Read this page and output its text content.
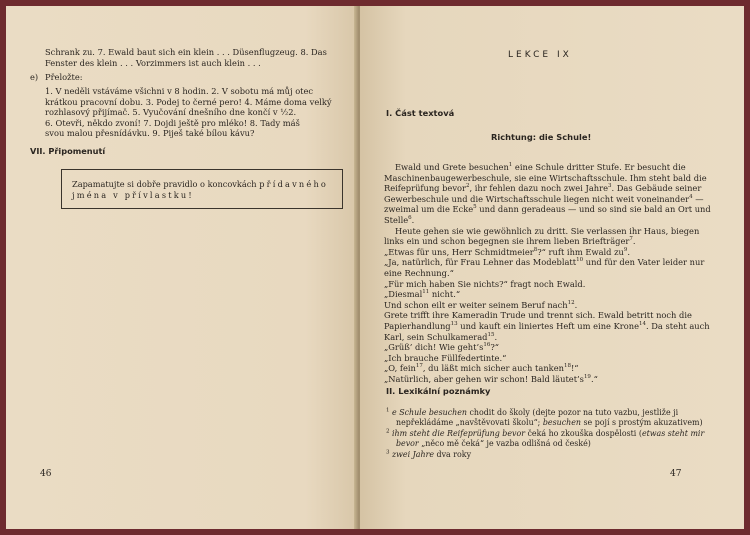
Schrank zu. 7. Ewald baut sich ein klein . . . Düsenflugzeug. 8. Das
Fenster des klein . . . Vorzimmers ist auch klein . . .
e) Přeložte:
1. V neděli vstáváme všichni v 8 hodin. 2. V sobotu má můj otec
krátkou pracovní dobu. 3. Podej to černé pero! 4. Máme doma velký
rozhlasový přijímač. 5. Vyučování dnešního dne končí v ½2.
6. Otevři, někdo zvoní! 7. Dojdi ještě pro mléko! 8. Tady máš
svou malou přesnídávku. 9. Piješ také bílou kávu?
VII. Připomenutí
Zapamatujte si dobře pravidlo o koncovkách přídavného
jména v přívlastku!
46
LEKCE IX
I. Část textová
Richtung: die Schule!
Ewald und Grete besuchen$^1$ eine Schule dritter Stufe. Er besucht die Maschinenbaugewerbeschule, sie eine Wirtschaftsschule. Ihm steht bald die Reifeprüfung bevor$^2$, ihr fehlen dazu noch zwei Jahre$^3$. Das Gebäude seiner Gewerbeschule und die Wirtschaftsschule liegen nicht weit voneinander$^4$ — zweimal um die Ecke$^5$ und dann geradeaus — und so sind sie bald an Ort und Stelle$^6$.
Heute gehen sie wie gewöhnlich zu dritt. Sie verlassen ihr Haus, biegen links ein und schon begegnen sie ihrem lieben Briefträger$^7$.
„Etwas für uns, Herr Schmidtmeier$^8$?“ ruft ihm Ewald $zu^9$.
„Ja, natürlich, für Frau Lehner das Modeblatt$^{10}$ und für den Vater leider nur eine Rechnung.“
„Für mich haben Sie nichts?“ fragt noch Ewald.
„Diesmal$^{11}$ nicht.“
Und schon eilt er weiter seinem Beruf nach$^{12}$.
Grete trifft ihre Kameradin Trude und trennt sich. Ewald betritt noch die Papierhandlung$^{13}$ und kauft ein liniertes Heft um eine Krone$^{14}$. Da steht auch Karl, sein Schulkamerad$^{15}$.
„Grüß’ dich! Wie $geht’s^{16}?“$
„Ich brauche Füllfedertinte.“
„O, fein$^{17}$, du läßt mich sicher auch tanken$^{18}$!“
„Natürlich, aber gehen wir schon! Bald $läutet’s^{19}.“$
II. Lexikální poznámky
$^1$ e Schule besuchen chodit do školy (dejte pozor na tuto vazbu, jestliže ji nepřekládáme „navštěvovati školu“; besuchen se pojí s prostým akuzativem)
$^2$ ihm steht die Reifeprüfung bevor čeká ho zkouška dospělosti (etwas steht mir bevor „něco mě čeká“ je vazba odlišná od české)
$^3$ zwei Jahre dva roky
47
